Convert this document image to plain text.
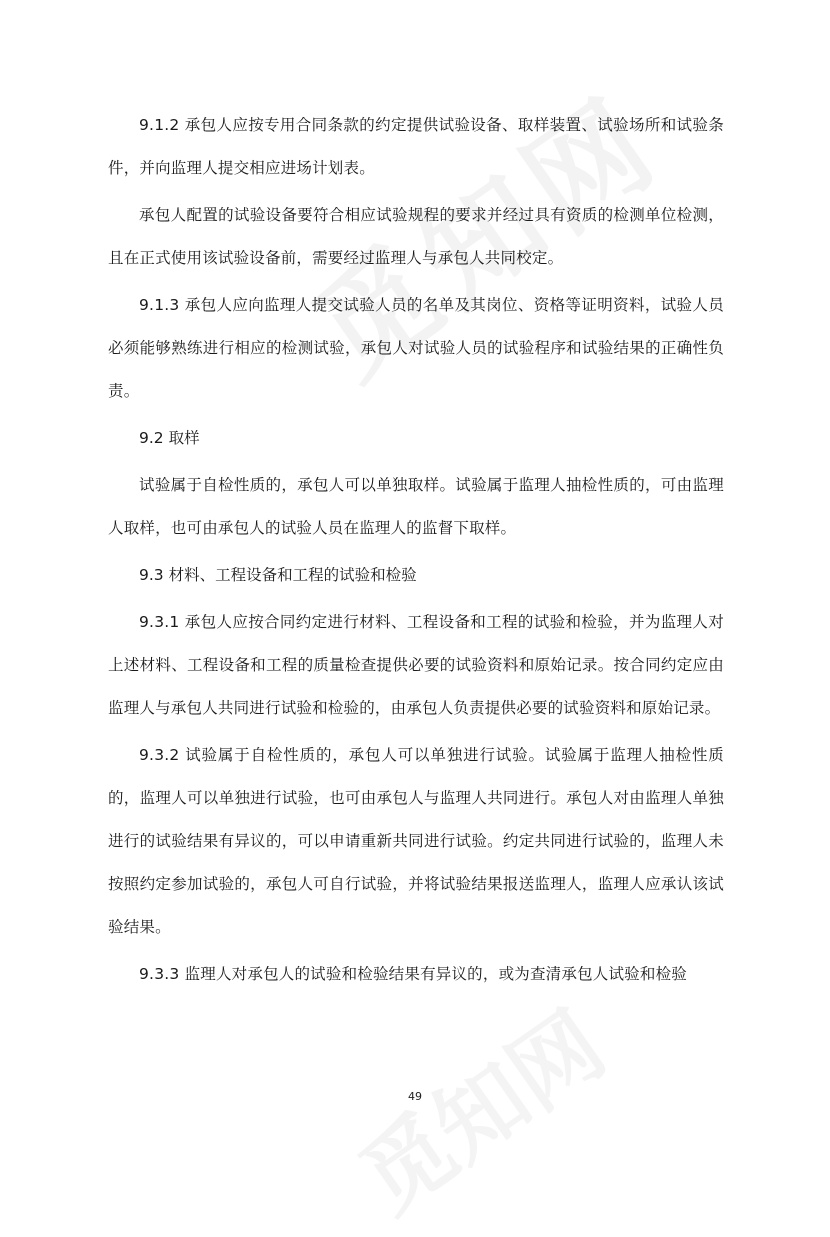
9.1.2 承包人应按专用合同条款的约定提供试验设备、取样装置、试验场所和试验条件，并向监理人提交相应进场计划表。

承包人配置的试验设备要符合相应试验规程的要求并经过具有资质的检测单位检测，且在正式使用该试验设备前，需要经过监理人与承包人共同校定。

9.1.3 承包人应向监理人提交试验人员的名单及其岗位、资格等证明资料，试验人员必须能够熟练进行相应的检测试验，承包人对试验人员的试验程序和试验结果的正确性负责。

9.2 取样

试验属于自检性质的，承包人可以单独取样。试验属于监理人抽检性质的，可由监理人取样，也可由承包人的试验人员在监理人的监督下取样。

9.3 材料、工程设备和工程的试验和检验

9.3.1 承包人应按合同约定进行材料、工程设备和工程的试验和检验，并为监理人对上述材料、工程设备和工程的质量检查提供必要的试验资料和原始记录。按合同约定应由监理人与承包人共同进行试验和检验的，由承包人负责提供必要的试验资料和原始记录。

9.3.2 试验属于自检性质的，承包人可以单独进行试验。试验属于监理人抽检性质的，监理人可以单独进行试验，也可由承包人与监理人共同进行。承包人对由监理人单独进行的试验结果有异议的，可以申请重新共同进行试验。约定共同进行试验的，监理人未按照约定参加试验的，承包人可自行试验，并将试验结果报送监理人，监理人应承认该试验结果。

9.3.3 监理人对承包人的试验和检验结果有异议的，或为查清承包人试验和检验

49
